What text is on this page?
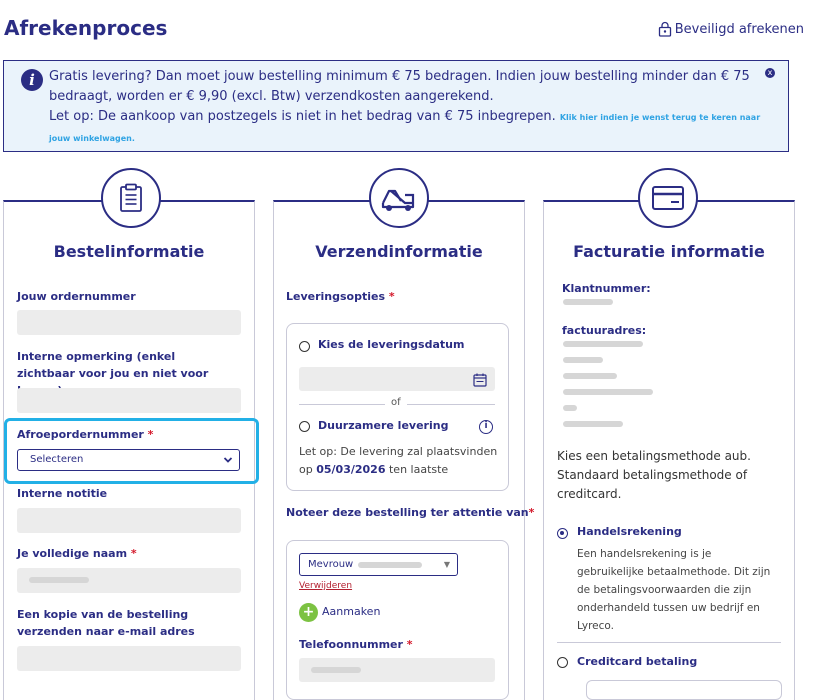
Afrekenproces	Beveiligd afrekenen
i	Gratis levering? Dan moet jouw bestelling minimum € 75 bedragen. Indien jouw bestelling minder dan € 75 bedraagt, worden er € 9,90 (excl. Btw) verzendkosten aangerekend.
Let op: De aankoop van postzegels is niet in het bedrag van € 75 inbegrepen. Klik hier indien je wenst terug te keren naar jouw winkelwagen.
x
Bestelinformatie
Jouw ordernummer
Interne opmerking (enkel zichtbaar voor jou en niet voor
Afroepordernummer *
Selecteren
Interne notitie
Je volledige naam *
Een kopie van de bestelling verzenden naar e-mail adres
Verzendinformatie
Leveringsopties *
Kies de leveringsdatum
of
Duurzamere levering	i
Let op: De levering zal plaatsvinden op 05/03/2026 ten laatste
Noteer deze bestelling ter attentie van*
Mevrouw	▼
Verwijderen
+ Aanmaken
Telefoonnummer *
Facturatie informatie
Klantnummer:
factuuradres:
Kies een betalingsmethode aub. Standaard betalingsmethode of creditcard.
Handelsrekening
Een handelsrekening is je gebruikelijke betaalmethode. Dit zijn de betalingsvoorwaarden die zijn onderhandeld tussen uw bedrijf en Lyreco.
Creditcard betaling
